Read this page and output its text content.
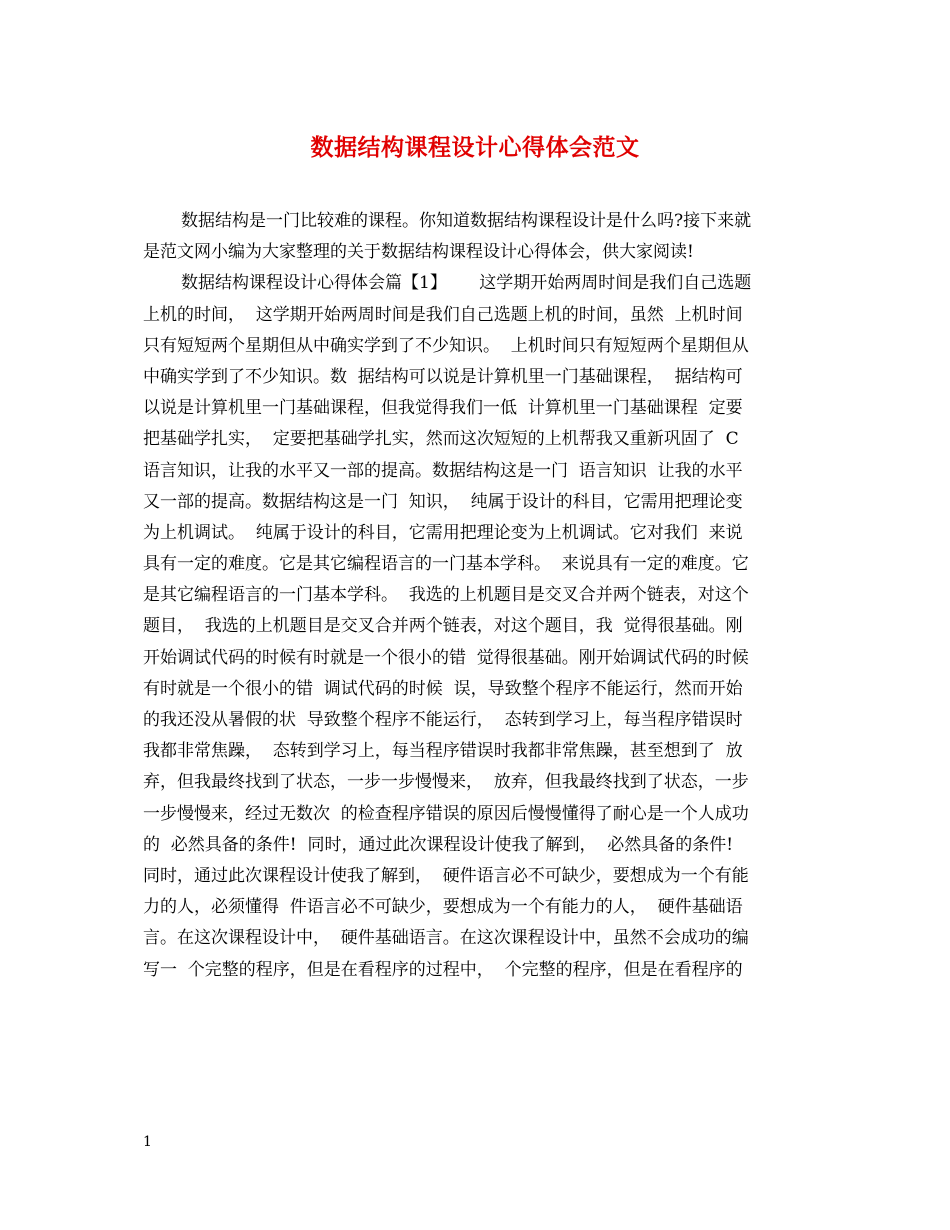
数据结构课程设计心得体会范文
数据结构是一门比较难的课程。你知道数据结构课程设计是什么吗?接下来就
是范文网小编为大家整理的关于数据结构课程设计心得体会，供大家阅读!
数据结构课程设计心得体会篇【1】      这学期开始两周时间是我们自己选题
上机的时间，  这学期开始两周时间是我们自己选题上机的时间，虽然  上机时间
只有短短两个星期但从中确实学到了不少知识。  上机时间只有短短两个星期但从
中确实学到了不少知识。数  据结构可以说是计算机里一门基础课程，  据结构可
以说是计算机里一门基础课程，但我觉得我们一低  计算机里一门基础课程  定要
把基础学扎实，  定要把基础学扎实，然而这次短短的上机帮我又重新巩固了  C
语言知识，让我的水平又一部的提高。数据结构这是一门  语言知识  让我的水平
又一部的提高。数据结构这是一门  知识，  纯属于设计的科目，它需用把理论变
为上机调试。  纯属于设计的科目，它需用把理论变为上机调试。它对我们  来说
具有一定的难度。它是其它编程语言的一门基本学科。  来说具有一定的难度。它
是其它编程语言的一门基本学科。  我选的上机题目是交叉合并两个链表，对这个
题目，  我选的上机题目是交叉合并两个链表，对这个题目，我  觉得很基础。刚
开始调试代码的时候有时就是一个很小的错  觉得很基础。刚开始调试代码的时候
有时就是一个很小的错  调试代码的时候  误，导致整个程序不能运行，然而开始
的我还没从暑假的状  导致整个程序不能运行，  态转到学习上，每当程序错误时
我都非常焦躁，  态转到学习上，每当程序错误时我都非常焦躁，甚至想到了  放
弃，但我最终找到了状态，一步一步慢慢来，  放弃，但我最终找到了状态，一步
一步慢慢来，经过无数次  的检查程序错误的原因后慢慢懂得了耐心是一个人成功
的  必然具备的条件!  同时，通过此次课程设计使我了解到，  必然具备的条件!
同时，通过此次课程设计使我了解到，  硬件语言必不可缺少，要想成为一个有能
力的人，必须懂得  件语言必不可缺少，要想成为一个有能力的人，  硬件基础语
言。在这次课程设计中，  硬件基础语言。在这次课程设计中，虽然不会成功的编
写一  个完整的程序，但是在看程序的过程中，  个完整的程序，但是在看程序的
1
